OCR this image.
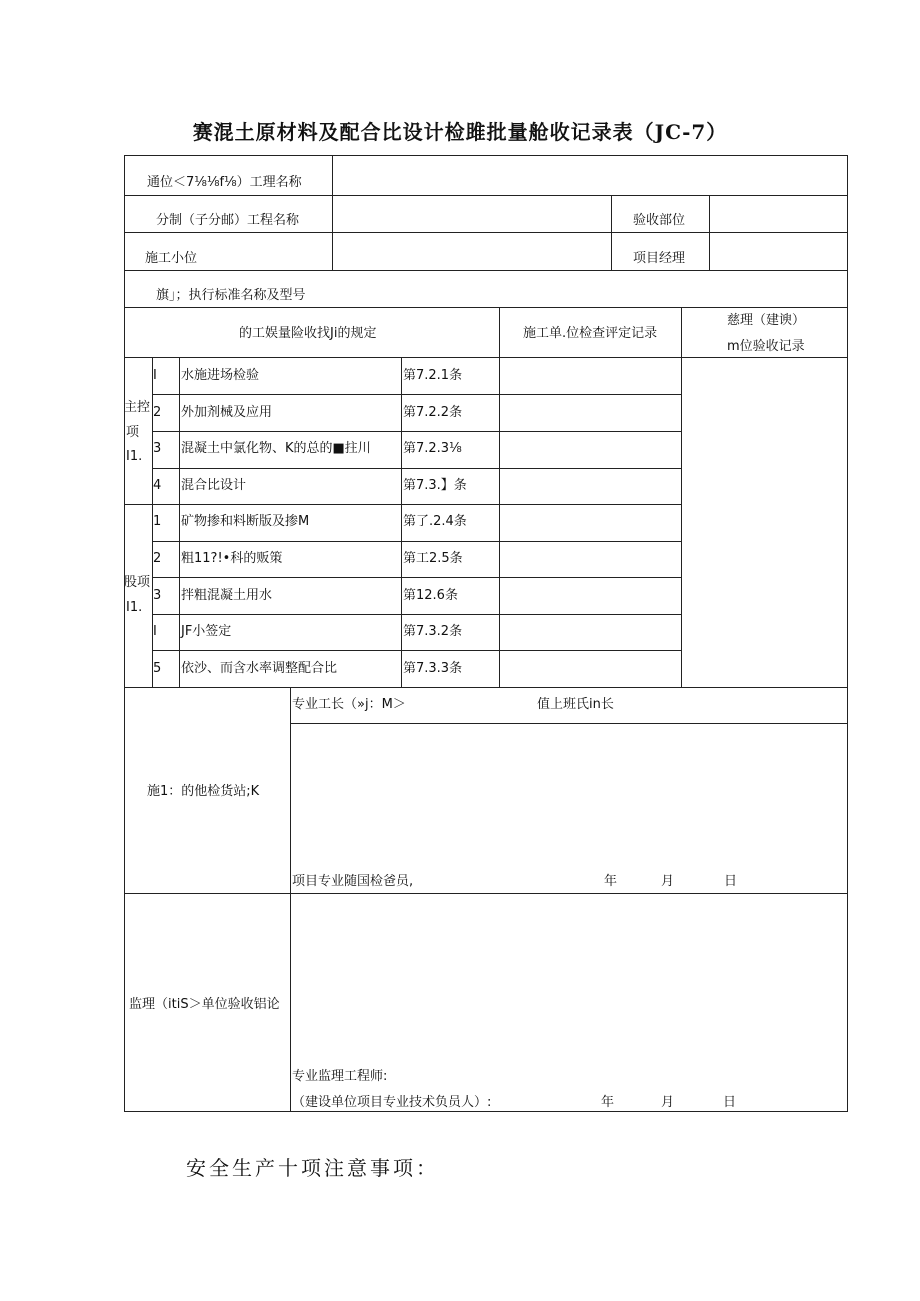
赛混土原材料及配合比设计检雎批量舱收记录表（JC-7）
通位＜7⅛⅛f⅛）工理名称
分制（子分邮）工程名称	验收部位
施工小位	项目经理
旗」；执行标准名称及型号
的工娱量险收找Ji的规定	施工单.位检查评定记录
慈理（建谀）
m位验收记录
主控
项
I1.
I 水施进场检验	第7.2.1条
2 外加剂械及应用	第7.2.2条
3 混凝土中氯化物、K的总的■拄川 第7.2.3⅛
4 混合比设计	第7.3.】条
股项
I1.
1 矿物掺和料断版及掺M	第了.2.4条
2 粗11?!•科的贩策	第工2.5条
3 拌粗混凝土用水	第12.6条
I JF小签定	第7.3.2条
5 依沙、而含水率调整配合比	第7.3.3条
施1：的他检货站;K
专业工长（»j：M＞	值上班氏in长
项目专业随国检爸员,	年	月	日
监理（itiS＞单位验收铝论
专业监理工程师:
（建设单位项目专业技术负员人）:	年	月	日
安全生产十项注意事项：
